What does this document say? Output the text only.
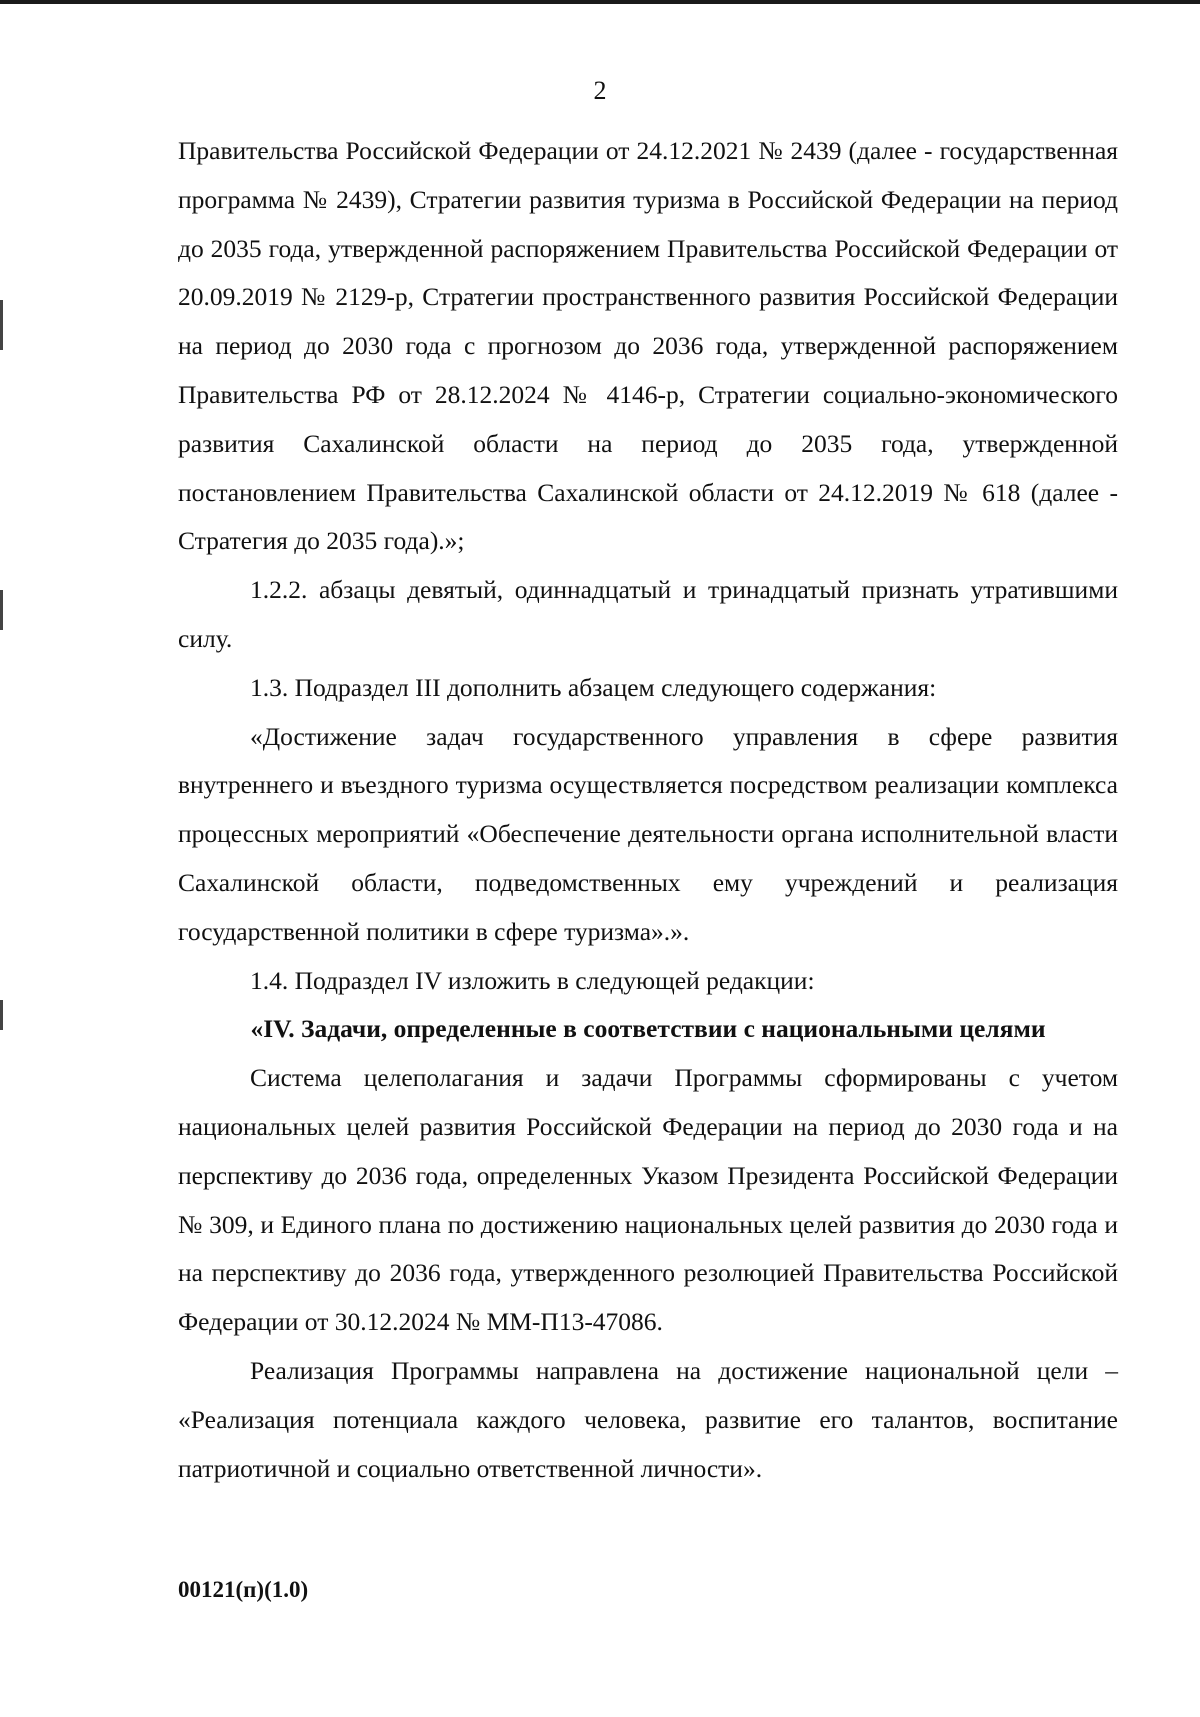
2

Правительства Российской Федерации от 24.12.2021 № 2439 (далее - государственная программа № 2439), Стратегии развития туризма в Российской Федерации на период до 2035 года, утвержденной распоряжением Правительства Российской Федерации от 20.09.2019 № 2129-р, Стратегии пространственного развития Российской Федерации на период до 2030 года с прогнозом до 2036 года, утвержденной распоряжением Правительства РФ от 28.12.2024 № 4146-р, Стратегии социально-экономического развития Сахалинской области на период до 2035 года, утвержденной постановлением Правительства Сахалинской области от 24.12.2019 № 618 (далее - Стратегия до 2035 года).»;

1.2.2. абзацы девятый, одиннадцатый и тринадцатый признать утратившими силу.

1.3. Подраздел III дополнить абзацем следующего содержания:

«Достижение задач государственного управления в сфере развития внутреннего и въездного туризма осуществляется посредством реализации комплекса процессных мероприятий «Обеспечение деятельности органа исполнительной власти Сахалинской области, подведомственных ему учреждений и реализация государственной политики в сфере туризма».».

1.4. Подраздел IV изложить в следующей редакции:

«IV. Задачи, определенные в соответствии с национальными целями

Система целеполагания и задачи Программы сформированы с учетом национальных целей развития Российской Федерации на период до 2030 года и на перспективу до 2036 года, определенных Указом Президента Российской Федерации № 309, и Единого плана по достижению национальных целей развития до 2030 года и на перспективу до 2036 года, утвержденного резолюцией Правительства Российской Федерации от 30.12.2024 № ММ-П13-47086.

Реализация Программы направлена на достижение национальной цели – «Реализация потенциала каждого человека, развитие его талантов, воспитание патриотичной и социально ответственной личности».

00121(п)(1.0)
